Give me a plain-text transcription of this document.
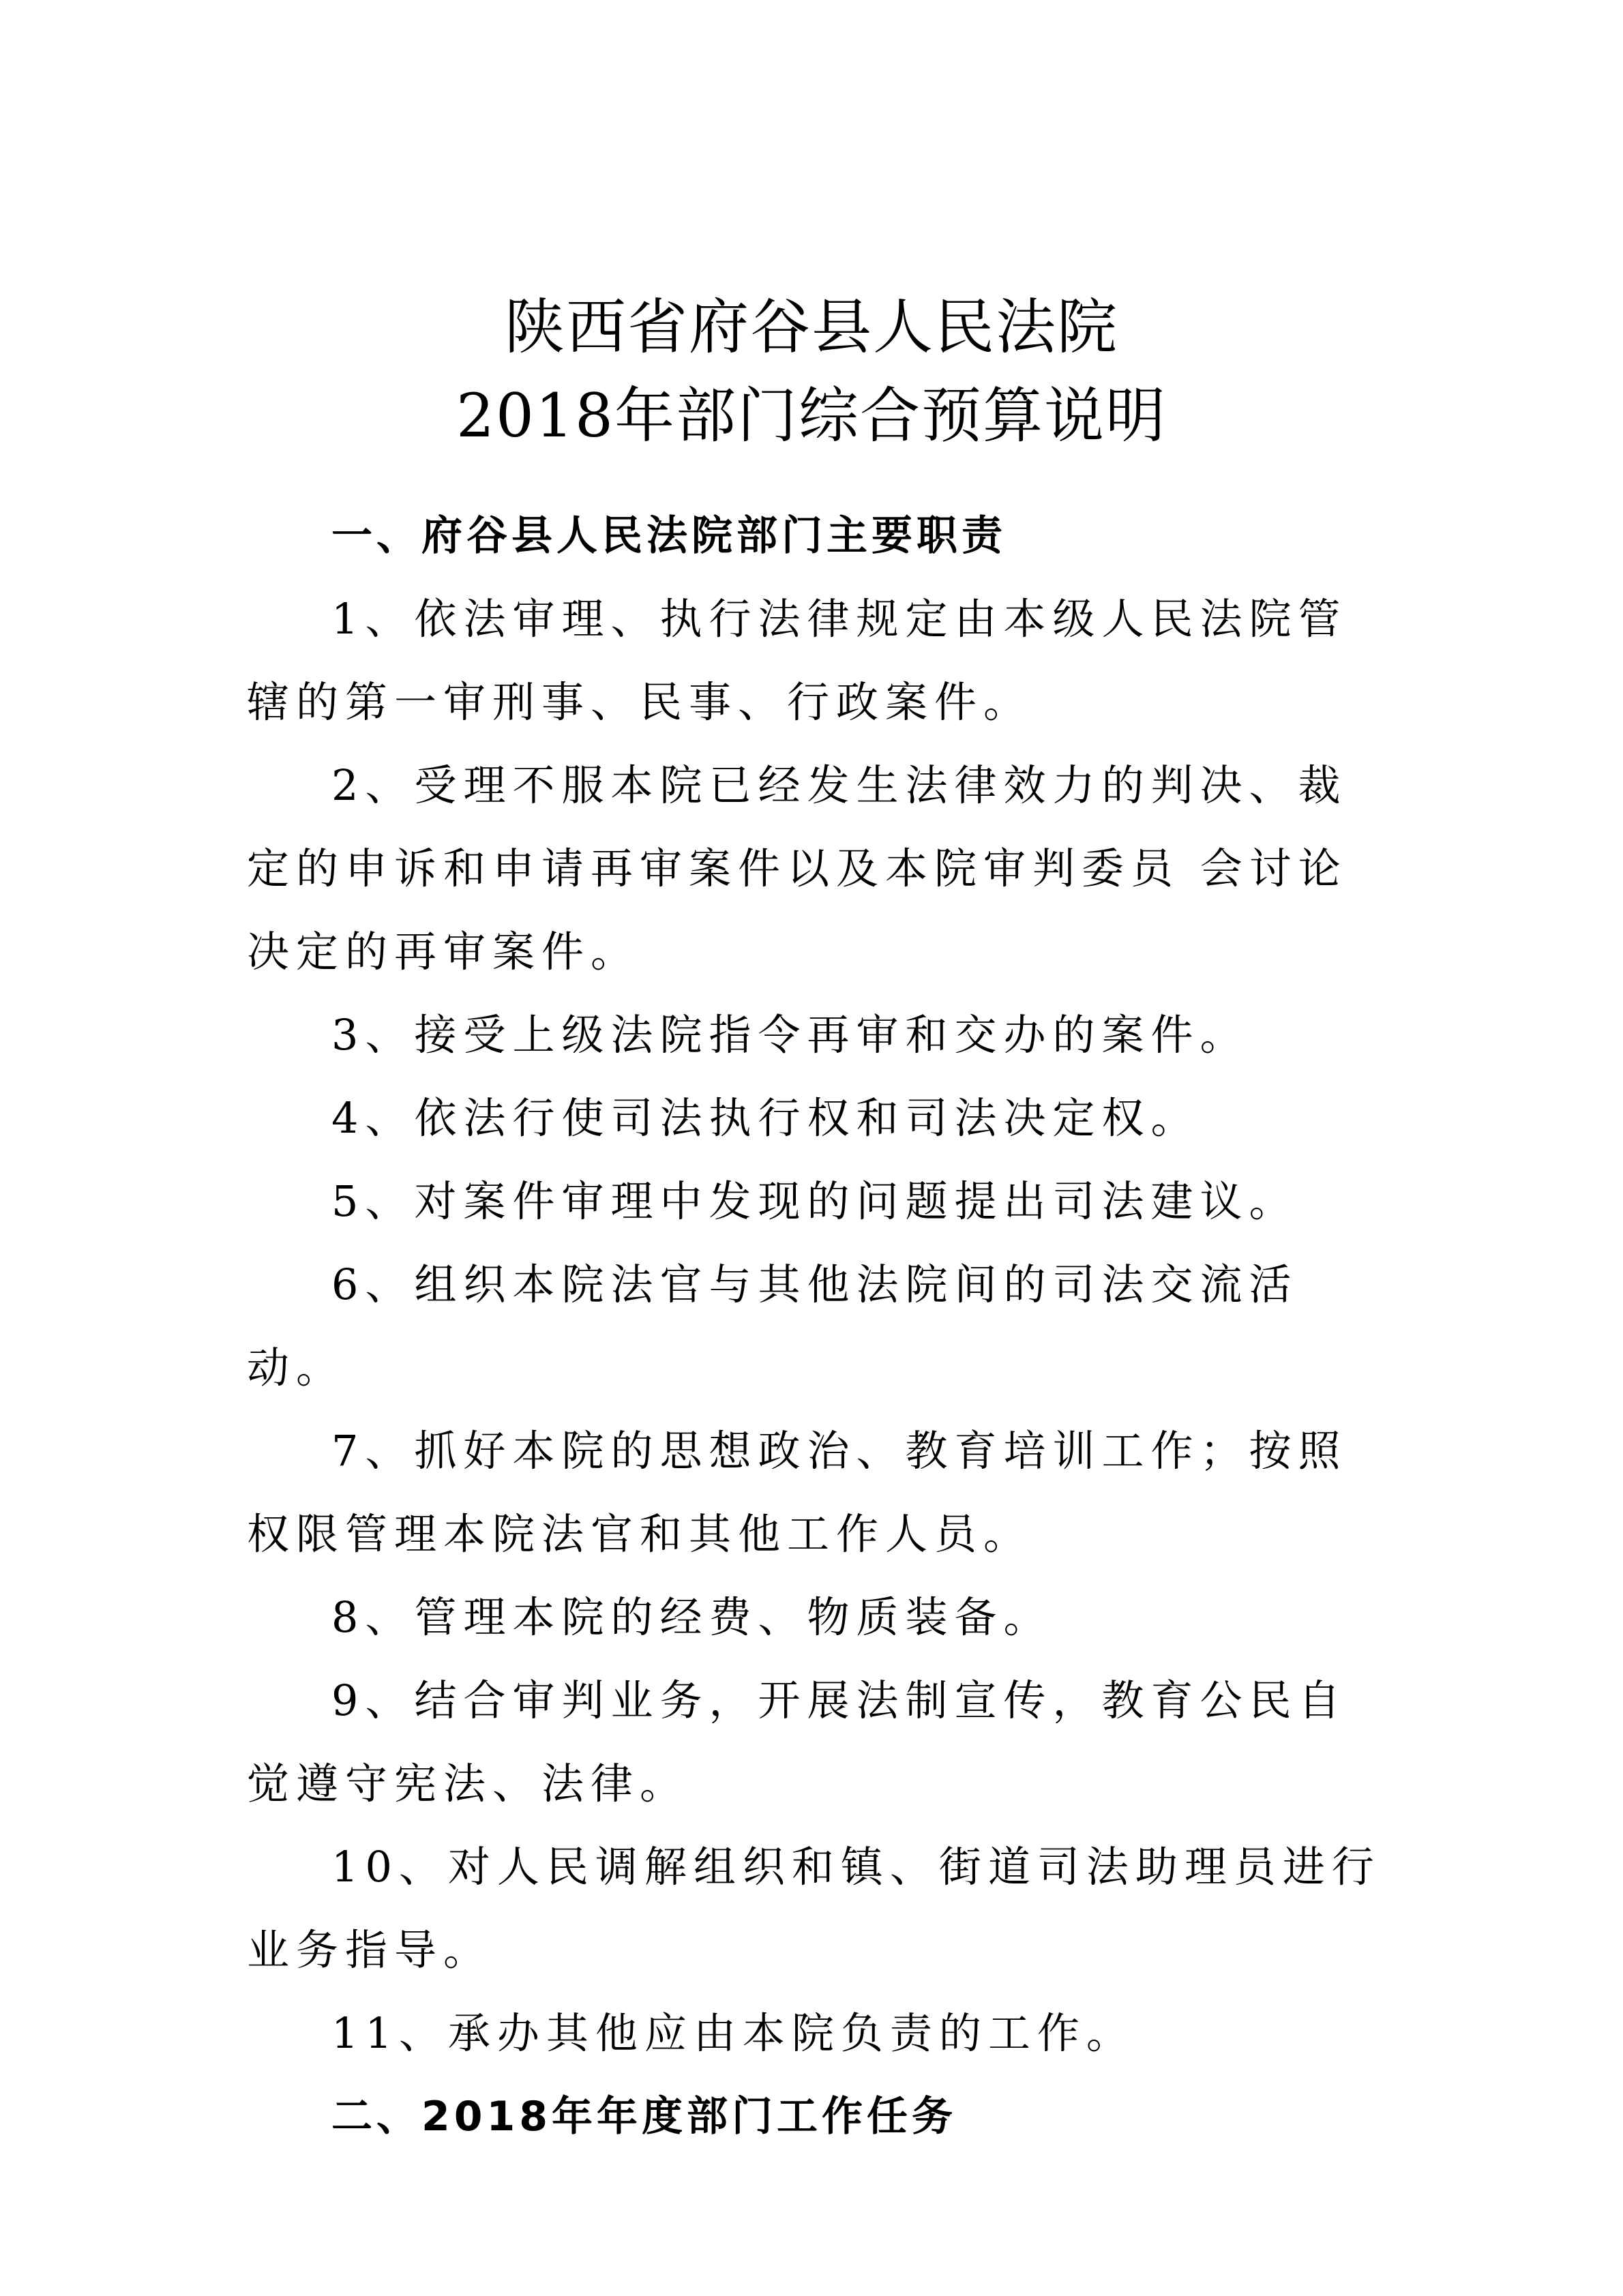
陕西省府谷县人民法院
2018年部门综合预算说明

一、府谷县人民法院部门主要职责

1、依法审理、执行法律规定由本级人民法院管辖的第一审刑事、民事、行政案件。

2、受理不服本院已经发生法律效力的判决、裁定的申诉和申请再审案件以及本院审判委员 会讨论决定的再审案件。

3、接受上级法院指令再审和交办的案件。

4、依法行使司法执行权和司法决定权。

5、对案件审理中发现的问题提出司法建议。

6、组织本院法官与其他法院间的司法交流活动。

7、抓好本院的思想政治、教育培训工作；按照权限管理本院法官和其他工作人员。

8、管理本院的经费、物质装备。

9、结合审判业务，开展法制宣传，教育公民自觉遵守宪法、法律。

10、对人民调解组织和镇、街道司法助理员进行业务指导。

11、承办其他应由本院负责的工作。

二、2018年年度部门工作任务
